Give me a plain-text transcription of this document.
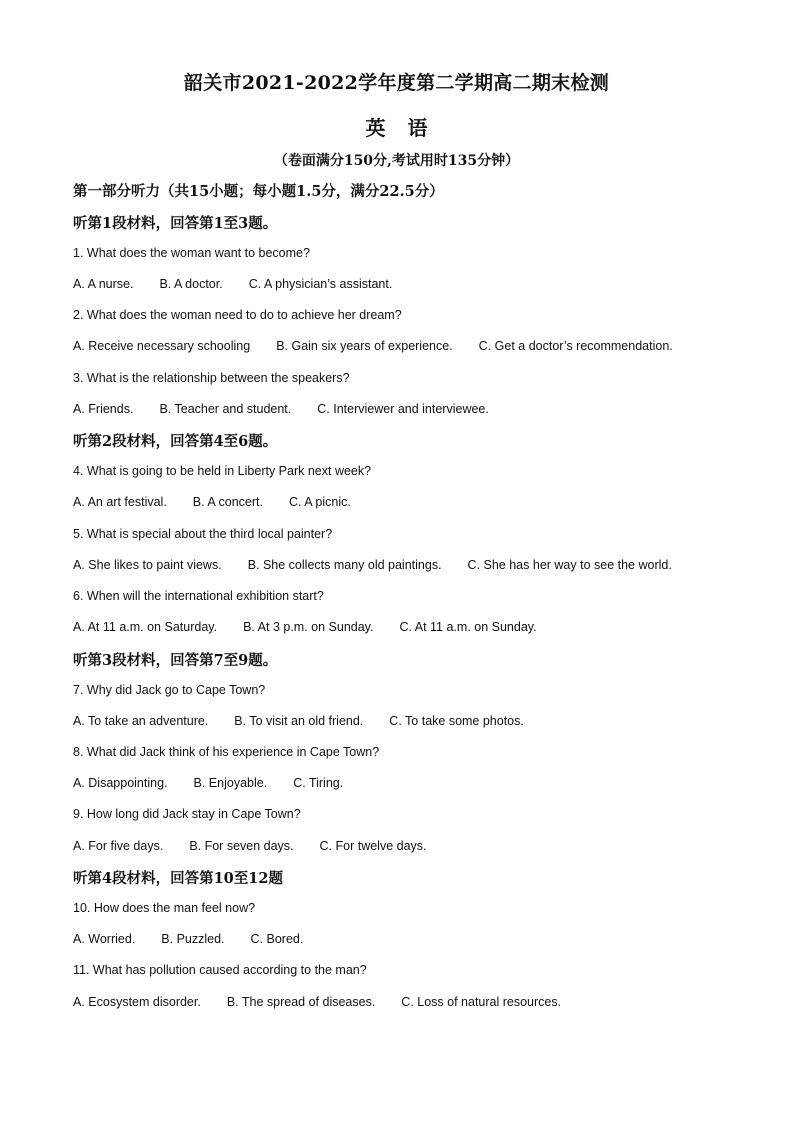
韶关市2021-2022学年度第二学期高二期末检测
英 语
（卷面满分150分,考试用时135分钟）
第一部分听力（共15小题；每小题1.5分，满分22.5分）
听第1段材料，回答第1至3题。
1. What does the woman want to become?
A. A nurse. B. A doctor. C. A physician’s assistant.
2. What does the woman need to do to achieve her dream?
A. Receive necessary schooling B. Gain six years of experience. C. Get a doctor’s recommendation.
3. What is the relationship between the speakers?
A. Friends. B. Teacher and student. C. Interviewer and interviewee.
听第2段材料，回答第4至6题。
4. What is going to be held in Liberty Park next week?
A. An art festival. B. A concert. C. A picnic.
5. What is special about the third local painter?
A. She likes to paint views. B. She collects many old paintings. C. She has her way to see the world.
6. When will the international exhibition start?
A. At 11 a.m. on Saturday. B. At 3 p.m. on Sunday. C. At 11 a.m. on Sunday.
听第3段材料，回答第7至9题。
7. Why did Jack go to Cape Town?
A. To take an adventure. B. To visit an old friend. C. To take some photos.
8. What did Jack think of his experience in Cape Town?
A. Disappointing. B. Enjoyable. C. Tiring.
9. How long did Jack stay in Cape Town?
A. For five days. B. For seven days. C. For twelve days.
听第4段材料，回答第10至12题
10. How does the man feel now?
A. Worried. B. Puzzled. C. Bored.
11. What has pollution caused according to the man?
A. Ecosystem disorder. B. The spread of diseases. C. Loss of natural resources.
